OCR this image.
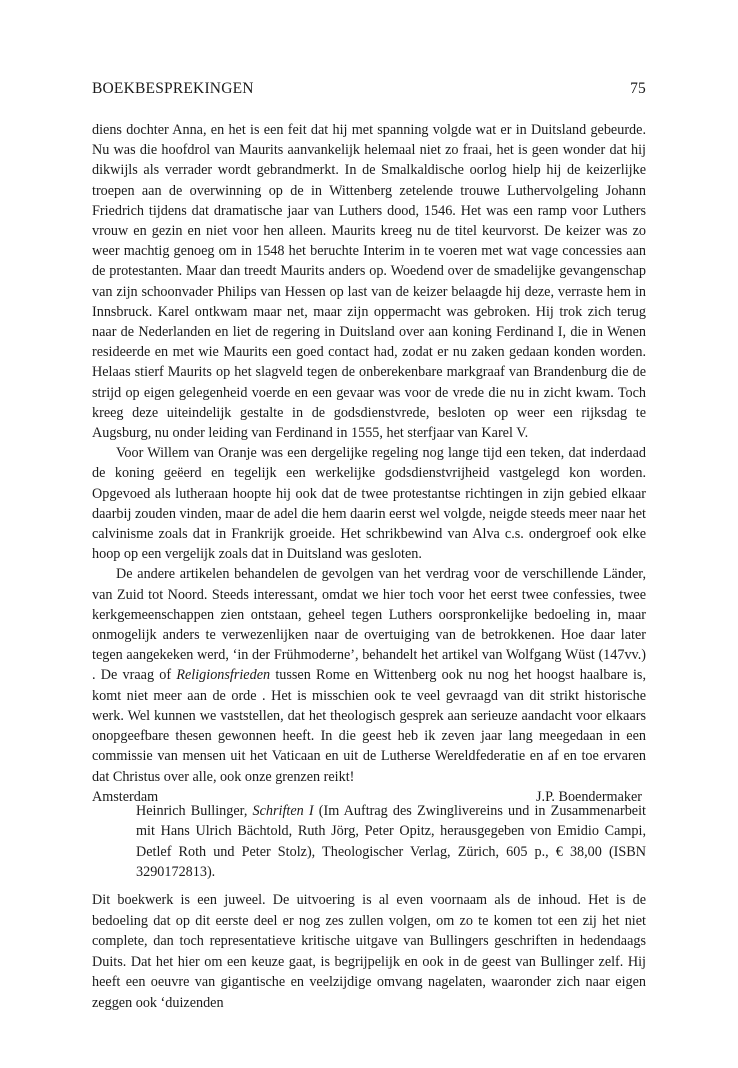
BOEKBESPREKINGEN	75

diens dochter Anna, en het is een feit dat hij met spanning volgde wat er in Duitsland gebeurde. Nu was die hoofdrol van Maurits aanvankelijk helemaal niet zo fraai, het is geen wonder dat hij dikwijls als verrader wordt gebrandmerkt. In de Smalkaldische oorlog hielp hij de keizerlijke troepen aan de overwinning op de in Wittenberg zetelende trouwe Luthervolgeling Johann Friedrich tijdens dat dramatische jaar van Luthers dood, 1546. Het was een ramp voor Luthers vrouw en gezin en niet voor hen alleen. Maurits kreeg nu de titel keurvorst. De keizer was zo weer machtig genoeg om in 1548 het beruchte Interim in te voeren met wat vage concessies aan de protestanten. Maar dan treedt Maurits anders op. Woedend over de smadelijke gevangenschap van zijn schoonvader Philips van Hessen op last van de keizer belaagde hij deze, verraste hem in Innsbruck. Karel ontkwam maar net, maar zijn oppermacht was gebroken. Hij trok zich terug naar de Nederlanden en liet de regering in Duitsland over aan koning Ferdinand I, die in Wenen resideerde en met wie Maurits een goed contact had, zodat er nu zaken gedaan konden worden. Helaas stierf Maurits op het slagveld tegen de onberekenbare markgraaf van Brandenburg die de strijd op eigen gelegenheid voerde en een gevaar was voor de vrede die nu in zicht kwam. Toch kreeg deze uiteindelijk gestalte in de godsdienstvrede, besloten op weer een rijksdag te Augsburg, nu onder leiding van Ferdinand in 1555, het sterfjaar van Karel V.

Voor Willem van Oranje was een dergelijke regeling nog lange tijd een teken, dat inderdaad de koning geëerd en tegelijk een werkelijke godsdienstvrijheid vastgelegd kon worden. Opgevoed als lutheraan hoopte hij ook dat de twee protestantse richtingen in zijn gebied elkaar daarbij zouden vinden, maar de adel die hem daarin eerst wel volgde, neigde steeds meer naar het calvinisme zoals dat in Frankrijk groeide. Het schrikbewind van Alva c.s. ondergroef ook elke hoop op een vergelijk zoals dat in Duitsland was gesloten.

De andere artikelen behandelen de gevolgen van het verdrag voor de verschillende Länder, van Zuid tot Noord. Steeds interessant, omdat we hier toch voor het eerst twee confessies, twee kerkgemeenschappen zien ontstaan, geheel tegen Luthers oorspronkelijke bedoeling in, maar onmogelijk anders te verwezenlijken naar de overtuiging van de betrokkenen. Hoe daar later tegen aangekeken werd, ‘in der Frühmoderne’, behandelt het artikel van Wolfgang Wüst (147vv.) . De vraag of Religionsfrieden tussen Rome en Wittenberg ook nu nog het hoogst haalbare is, komt niet meer aan de orde . Het is misschien ook te veel gevraagd van dit strikt historische werk. Wel kunnen we vaststellen, dat het theologisch gesprek aan serieuze aandacht voor elkaars onopgeefbare thesen gewonnen heeft. In die geest heb ik zeven jaar lang meegedaan in een commissie van mensen uit het Vaticaan en uit de Lutherse Wereldfederatie en af en toe ervaren dat Christus over alle, ook onze grenzen reikt!

Amsterdam	J.P. Boendermaker
Heinrich Bullinger, Schriften I (Im Auftrag des Zwinglivereins und in Zusammenarbeit mit Hans Ulrich Bächtold, Ruth Jörg, Peter Opitz, herausgegeben von Emidio Campi, Detlef Roth und Peter Stolz), Theologischer Verlag, Zürich, 605 p., € 38,00 (ISBN 3290172813).
Dit boekwerk is een juweel. De uitvoering is al even voornaam als de inhoud. Het is de bedoeling dat op dit eerste deel er nog zes zullen volgen, om zo te komen tot een zij het niet complete, dan toch representatieve kritische uitgave van Bullingers geschriften in hedendaags Duits. Dat het hier om een keuze gaat, is begrijpelijk en ook in de geest van Bullinger zelf. Hij heeft een oeuvre van gigantische en veelzijdige omvang nagelaten, waaronder zich naar eigen zeggen ook ‘duizenden
